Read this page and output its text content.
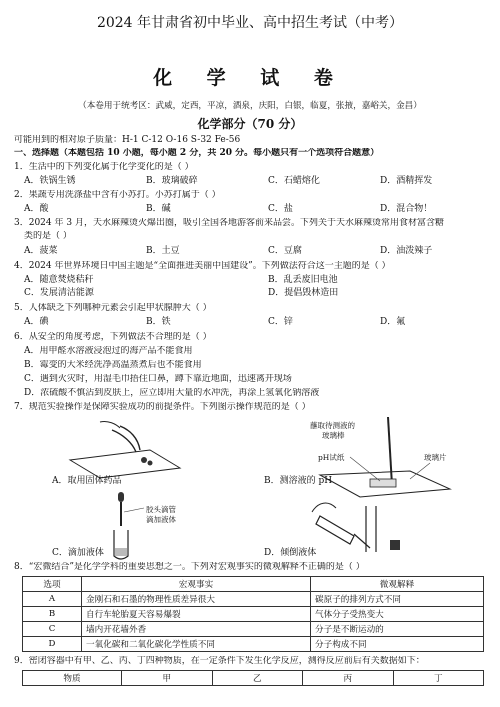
2024 年甘肃省初中毕业、高中招生考试（中考）
化 学 试 卷
（本卷用于统考区：武威，定西，平凉，酒泉，庆阳，白银，临夏，张掖，嘉峪关，金昌）
化学部分（70 分）
可能用到的相对原子质量：H-1 C-12 O-16 S-32 Fe-56
一、选择题（本题包括 10 小题，每小题 2 分，共 20 分。每小题只有一个选项符合题意）
1．生活中的下列变化属于化学变化的是（ ）
A．铁锅生锈	B．玻璃破碎	C．石蜡熔化	D．酒精挥发
2．果蔬专用洗涤盐中含有小苏打。小苏打属于（ ）
A．酸	B．碱	C．盐	D．混合物！
3．2024 年 3 月，天水麻辣烫火爆出圈，吸引全国各地游客前来品尝。下列关于天水麻辣烫常用食材富含糖
类的是（ ）
A．菠菜	B．土豆	C．豆腐	D．油泼辣子
4．2024 年世界环境日中国主题是“全面推进美丽中国建设”。下列做法符合这一主题的是（ ）
A．随意焚烧秸秆	B．乱丢废旧电池
C．发展清洁能源	D．提倡毁林造田
5．人体缺乏下列哪种元素会引起甲状腺肿大（ ）
A．碘	B．铁	C．锌	D．氟
6．从安全的角度考虑，下列做法不合理的是（ ）
A．用甲醛水溶液浸泡过的海产品不能食用
B．霉变的大米经洗净高温蒸煮后也不能食用
C．遇到火灾时，用湿毛巾捂住口鼻，蹲下靠近地面，迅速离开现场
D．浓硫酸不慎沾到皮肤上，应立即用大量的水冲洗，再涂上氢氧化钠溶液
7．规范实验操作是保障实验成功的前提条件。下列图示操作规范的是（ ）
A．取用固体药品
蘸取待测液的
玻璃棒
pH试纸	玻璃片
B．测溶液的 pH
胶头滴管
滴加液体
C．滴加液体	D．倾倒液体
8．“宏微结合”是化学学科的重要思想之一。下列对宏观事实的微观解释不正确的是（ ）
选项	宏观事实	微观解释
A	金刚石和石墨的物理性质差异很大	碳原子的排列方式不同
B	自行车轮胎夏天容易爆裂	气体分子受热变大
C	墙内开花墙外香	分子是不断运动的
D	一氧化碳和二氧化碳化学性质不同	分子构成不同
9．密闭容器中有甲、乙、丙、丁四种物质，在一定条件下发生化学反应，测得反应前后有关数据如下：
物质	甲	乙	丙	丁
